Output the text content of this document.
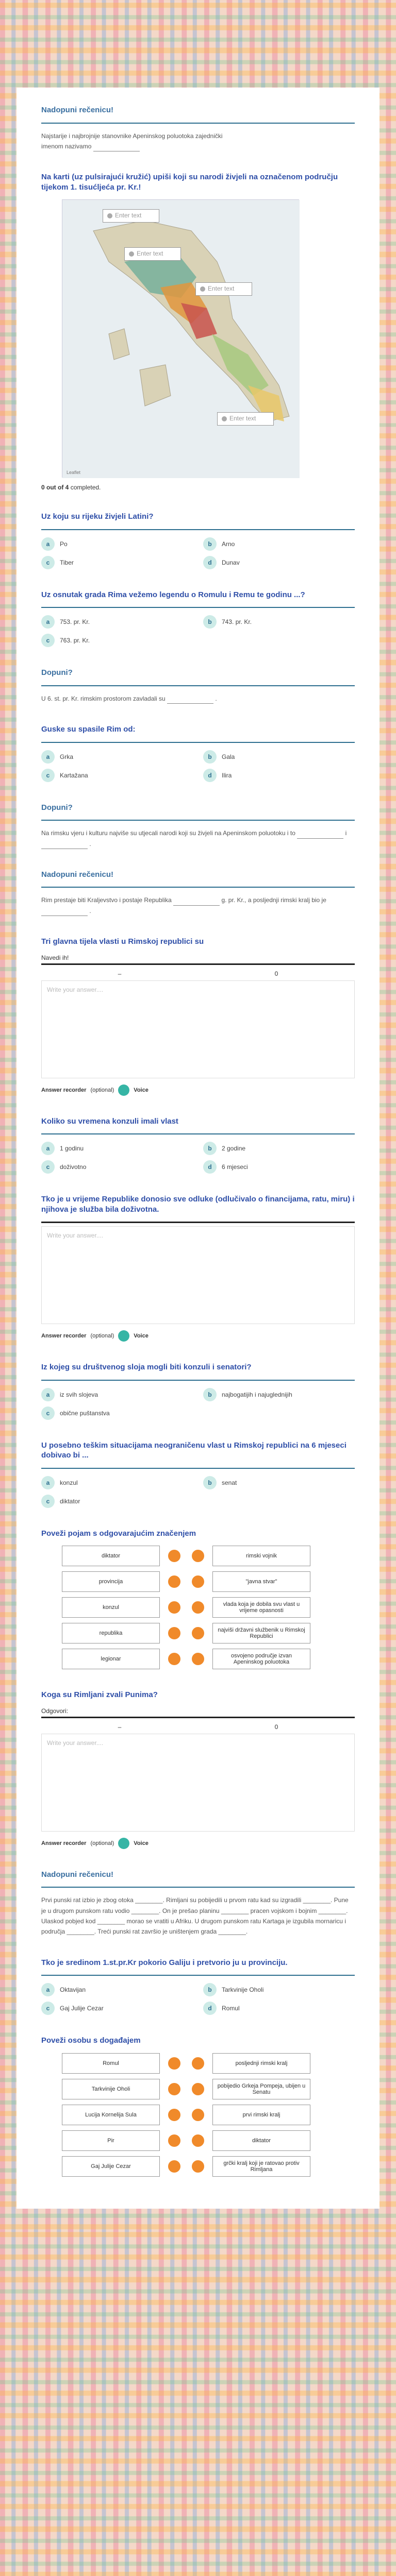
Nadopuni rečenicu!
Najstarije i najbrojnije stanovnike Apeninskog poluotoka zajednički
imenom nazivamo
Na karti (uz pulsirajući kružić) upiši koji su narodi živjeli na označenom području tijekom 1. tisućljeća pr. Kr.!
Enter text
Enter text
Enter text
Enter text
Leaflet
0 out of 4 completed.
Uz koju su rijeku živjeli Latini?
a	Po	b	Arno
c	Tiber	d	Dunav
Uz osnutak grada Rima vežemo legendu o Romulu i Remu te godinu ...?
a	753. pr. Kr.	b	743. pr. Kr.
c	763. pr. Kr.
Dopuni?
U 6. st. pr. Kr. rimskim prostorom zavladali su	.
Guske su spasile Rim od:
a	Grka	b	Gala
c	Kartažana	d	Ilira
Dopuni?
Na rimsku vjeru i kulturu najviše su utjecali narodi koji su živjeli na Apeninskom poluotoku i to	i  .
Nadopuni rečenicu!
Rim prestaje biti Kraljevstvo i postaje Republika	g. pr. Kr., a posljednji rimski kralj bio je  .
Tri glavna tijela vlasti u Rimskoj republici su
Navedi ih!
–	0
Write your answer....
Answer recorder (optional)	Voice
Koliko su vremena konzuli imali vlast
a	1 godinu	b	2 godine
c	doživotno	d	6 mjeseci
Tko je u vrijeme Republike donosio sve odluke (odlučivalo o financijama, ratu, miru) i njihova je služba bila doživotna.
Write your answer....
Answer recorder (optional)	Voice
Iz kojeg su društvenog sloja mogli biti konzuli i senatori?
a	iz svih slojeva	b	najbogatijih i najuglednijih
c	obične puštanstva
U posebno teškim situacijama neograničenu vlast u Rimskoj republici na 6 mjeseci dobivao bi ...
a	konzul	b	senat
c	diktator
Poveži pojam s odgovarajućim značenjem
diktator	rimski vojnik
provincija	"javna stvar"
konzul	vlada koja je dobila svu vlast u vrijeme opasnosti
republika	najviši državni službenik u Rimskoj Republici
legionar	osvojeno područje izvan Apeninskog poluotoka
Koga su Rimljani zvali Punima?
Odgovori:
–	0
Write your answer....
Answer recorder (optional)	Voice
Nadopuni rečenicu!
Prvi punski rat izbio je zbog otoka ________. Rimljani su pobijedili u prvom ratu kad su izgradili ________. Pune je u drugom punskom ratu vodio ________. On je prešao planinu ________ pracen vojskom i bojnim ________. Ulaskod pobjed kod ________ morao se vratiti u Afriku. U drugom punskom ratu Kartaga je izgubila mornaricu i područja ________. Treći punski rat završio je uništenjem grada ________.
Tko je sredinom 1.st.pr.Kr pokorio Galiju i pretvorio ju u provinciju.
a	Oktavijan	b	Tarkvinije Oholi
c	Gaj Julije Cezar	d	Romul
Poveži osobu s događajem
Romul	posljednji rimski kralj
Tarkvinije Oholi	pobijedio Grkeja Pompeja, ubijen u Senatu
Lucija Kornelija Sula	prvi rimski kralj
Pir	diktator
Gaj Julije Cezar	grčki kralj koji je ratovao protiv Rimljana
